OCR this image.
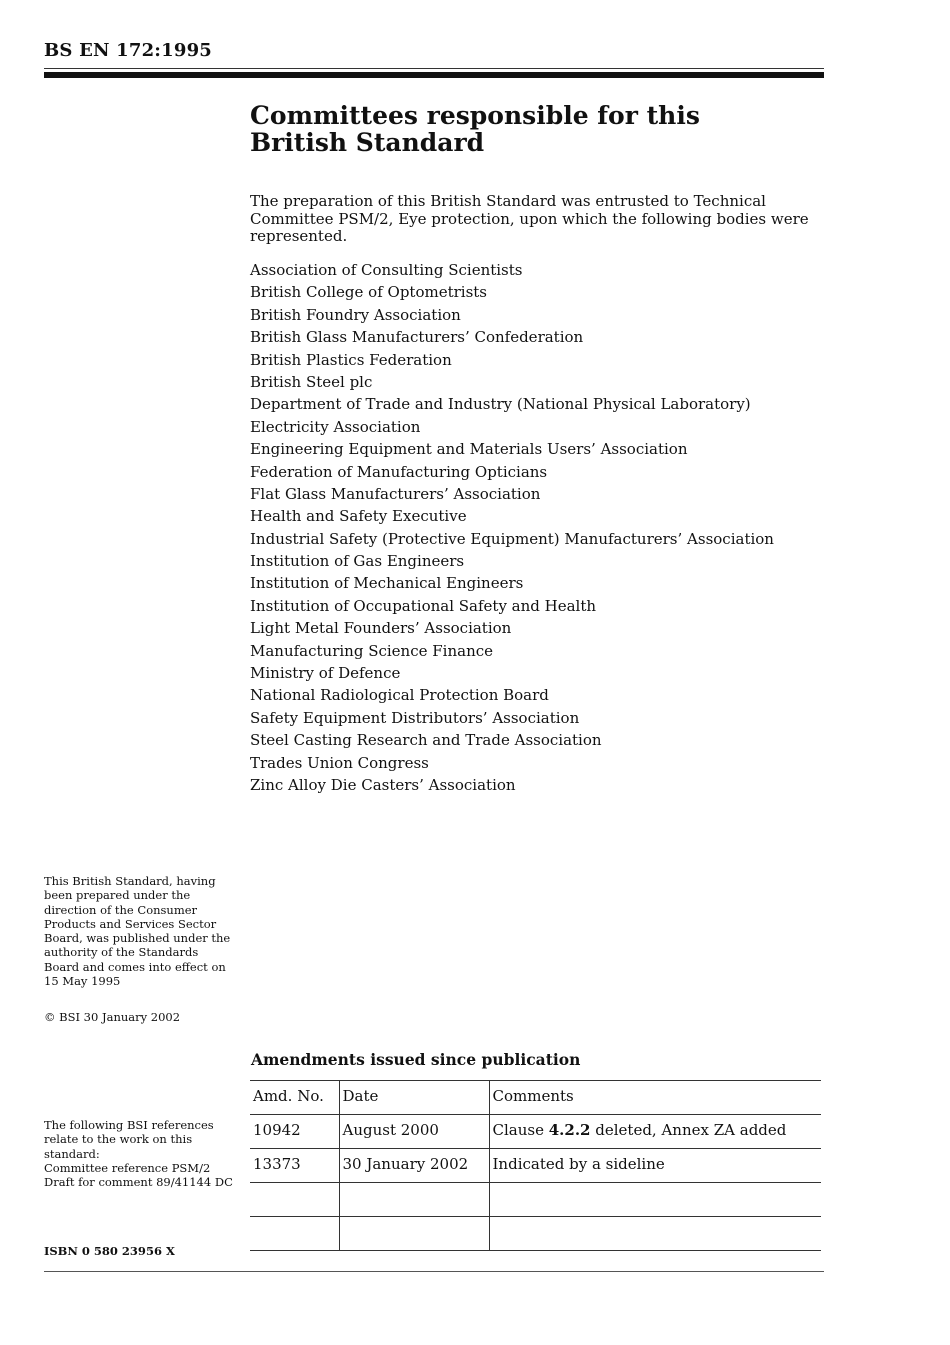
BS EN 172:1995
Committees responsible for this
British Standard

The preparation of this British Standard was entrusted to Technical Committee PSM/2, Eye protection, upon which the following bodies were represented.

Association of Consulting Scientists
British College of Optometrists
British Foundry Association
British Glass Manufacturers’ Confederation
British Plastics Federation
British Steel plc
Department of Trade and Industry (National Physical Laboratory)
Electricity Association
Engineering Equipment and Materials Users’ Association
Federation of Manufacturing Opticians
Flat Glass Manufacturers’ Association
Health and Safety Executive
Industrial Safety (Protective Equipment) Manufacturers’ Association
Institution of Gas Engineers
Institution of Mechanical Engineers
Institution of Occupational Safety and Health
Light Metal Founders’ Association
Manufacturing Science Finance
Ministry of Defence
National Radiological Protection Board
Safety Equipment Distributors’ Association
Steel Casting Research and Trade Association
Trades Union Congress
Zinc Alloy Die Casters’ Association

This British Standard, having been prepared under the direction of the Consumer Products and Services Sector Board, was published under the authority of the Standards Board and comes into effect on 15 May 1995

© BSI 30 January 2002

The following BSI references relate to the work on this standard:

Committee reference PSM/2

Draft for comment 89/41144 DC

ISBN 0 580 23956 X
Amendments issued since publication
Amd. No.	Date	Comments
10942	August 2000	Clause 4.2.2 deleted, Annex ZA added
13373	30 January 2002	Indicated by a sideline
